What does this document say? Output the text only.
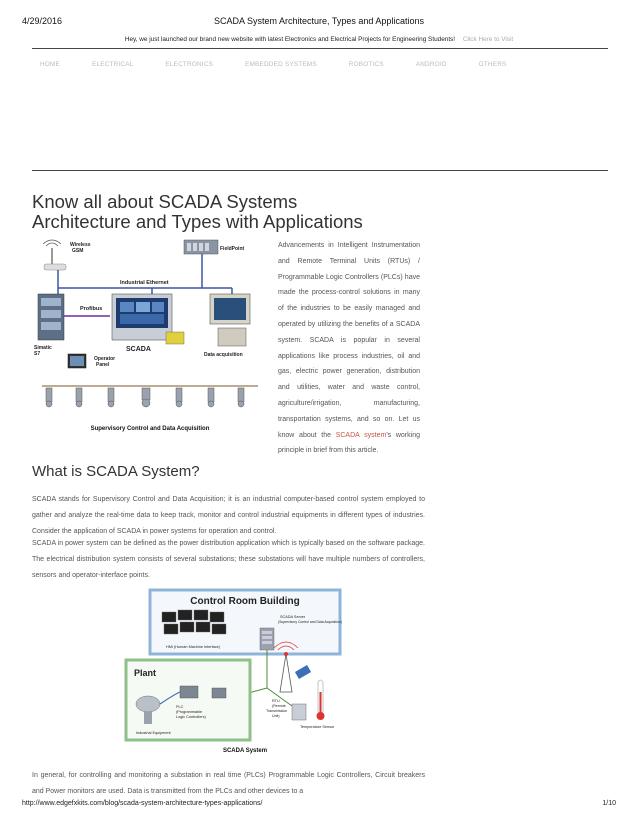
4/29/2016	SCADA System Architecture, Types and Applications
Hey, we just launched our brand new website with latest Electronics and Electrical Projects for Engineering Students! Click Here to Visit
HOME	ELECTRICAL	ELECTRONICS	EMBEDDED SYSTEMS	ROBOTICS	ANDROID	OTHERS
Know all about SCADA Systems
Architecture and Types with Applications
Wireless
GSM	FieldPoint
Industrial Ethernet
Simatic
S7
Profibus
SCADA
Operator
Panel
Data acquisition
Supervisory Control and Data Acquisition

Advancements in Intelligent Instrumentation and Remote Terminal Units (RTUs) / Programmable Logic Controllers (PLCs) have made the process-control solutions in many of the industries to be easily managed and operated by utilizing the benefits of a SCADA system. SCADA is popular in several applications like process industries, oil and gas, electric power generation, distribution and utilities, water and waste control, agriculture/irrigation, manufacturing, transportation systems, and so on. Let us know about the SCADA system's working principle in brief from this article.

What is SCADA System?

SCADA stands for Supervisory Control and Data Acquisition; it is an industrial computer-based control system employed to gather and analyze the real-time data to keep track, monitor and control industrial equipments in different types of industries. Consider the application of SCADA in power systems for operation and control.

SCADA in power system can be defined as the power distribution application which is typically based on the software package. The electrical distribution system consists of several substations; these substations will have multiple numbers of controllers, sensors and operator-interface points.

Control Room Building
HMI (Human Machine Interface)
SCADA Server
(Supervisory Control and Data Acquisition)
Plant
PLC
(Programmable
Logic Controllers)
Industrial Equipment
RTU
(Remote
Transmission
Unit)
Temperature Sensor
SCADA System

In general, for controlling and monitoring a substation in real time (PLCs) Programmable Logic Controllers, Circuit breakers and Power monitors are used. Data is transmitted from the PLCs and other devices to a

http://www.edgefxkits.com/blog/scada-system-architecture-types-applications/	1/10
